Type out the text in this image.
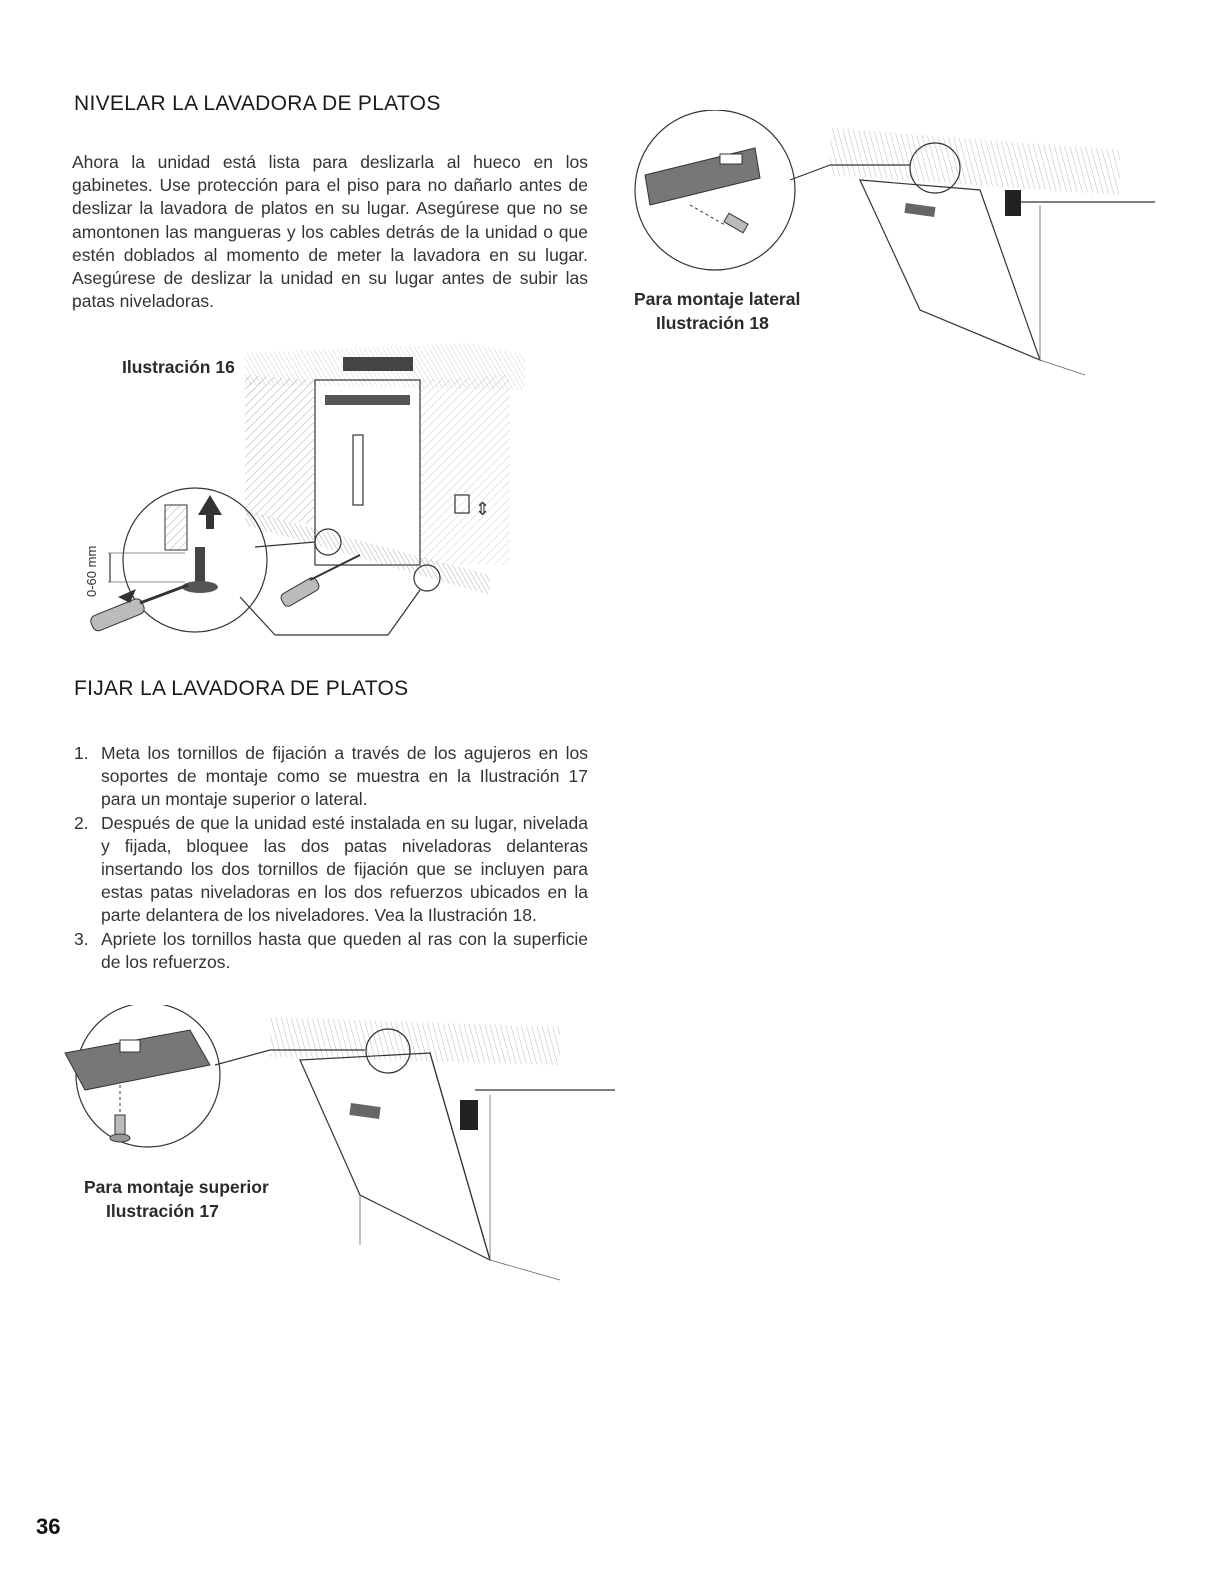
NIVELAR LA LAVADORA DE PLATOS
Ahora la unidad está lista para deslizarla al hueco en los gabinetes. Use protección para el piso para no dañarlo antes de deslizar la lavadora de platos en su lugar. Asegúrese que no se amontonen las mangueras y los cables detrás de la unidad o que estén doblados al momento de meter la lavadora en su lugar. Asegúrese de deslizar la unidad en su lugar antes de subir las patas niveladoras.
⇕
0-60 mm
Ilustración 16
FIJAR LA LAVADORA DE PLATOS
1. Meta los tornillos de fijación a través de los agujeros en los soportes de montaje como se muestra en la Ilustración 17 para un montaje superior o lateral.
2. Después de que la unidad esté instalada en su lugar, nivelada y fijada, bloquee las dos patas niveladoras delanteras insertando los dos tornillos de fijación que se incluyen para estas patas niveladoras en los dos refuerzos ubicados en la parte delantera de los niveladores. Vea la Ilustración 18.
3. Apriete los tornillos hasta que queden al ras con la superficie de los refuerzos.
Para montaje superior
Ilustración 17
Para montaje lateral
Ilustración 18
36
